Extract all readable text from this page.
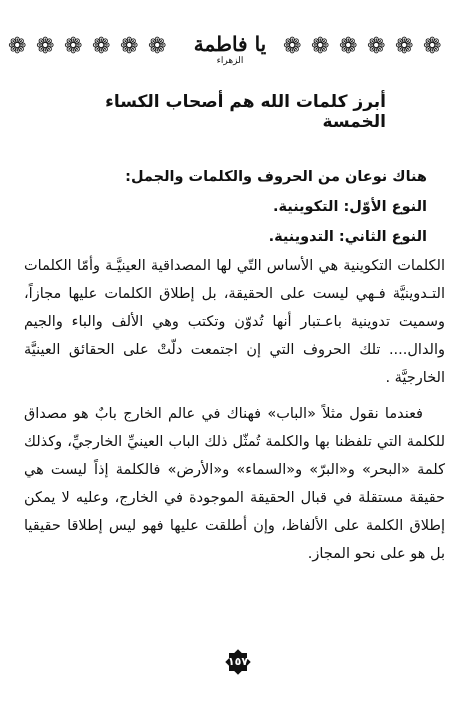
❁ ❁ ❁ ❁ ❁ ❁ يا فاطمة $^{الزهراء}$
❁ ❁ ❁ ❁ ❁ ❁
أبرز كلمات الله هم أصحاب الكساء الخمسة

هناك نوعان من الحروف والكلمات والجمل:

النوع الأوّل: التكوينية.

النوع الثاني: التدوينية.

الكلمات التكوينية هي الأساس التّي لها المصداقية العينيَّـة وأمّا الكلمات التـدوينيَّة فـهي ليست على الحقيقة، بل إطلاق الكلمات عليها مجازاً، وسميت تدوينية باعـتبار أنها تُدوّن وتكتب وهي الألف والباء والجيم والدال.... تلك الحروف التي إن اجتمعت دلّتْ على الحقائق العينيَّة الخارجيَّة .

فعندما نقول مثلاً «الباب» فهناك في عالم الخارج بابٌ هو مصداق للكلمة التي تلفظنا بها والكلمة تُمثّل ذلك الباب العينيِّ الخارجيِّ، وكذلك كلمة «البحر» و«البرّ» و«السماء» و«الأرض» فالكلمة إذاً ليست هي حقيقة مستقلة في قبال الحقيقة الموجودة في الخارج، وعليه لا يمكن إطلاق الكلمة على الألفاظ، وإن أطلقت عليها فهو ليس إطلاقا حقيقيا بل هو على نحو المجاز.

١٥٧
